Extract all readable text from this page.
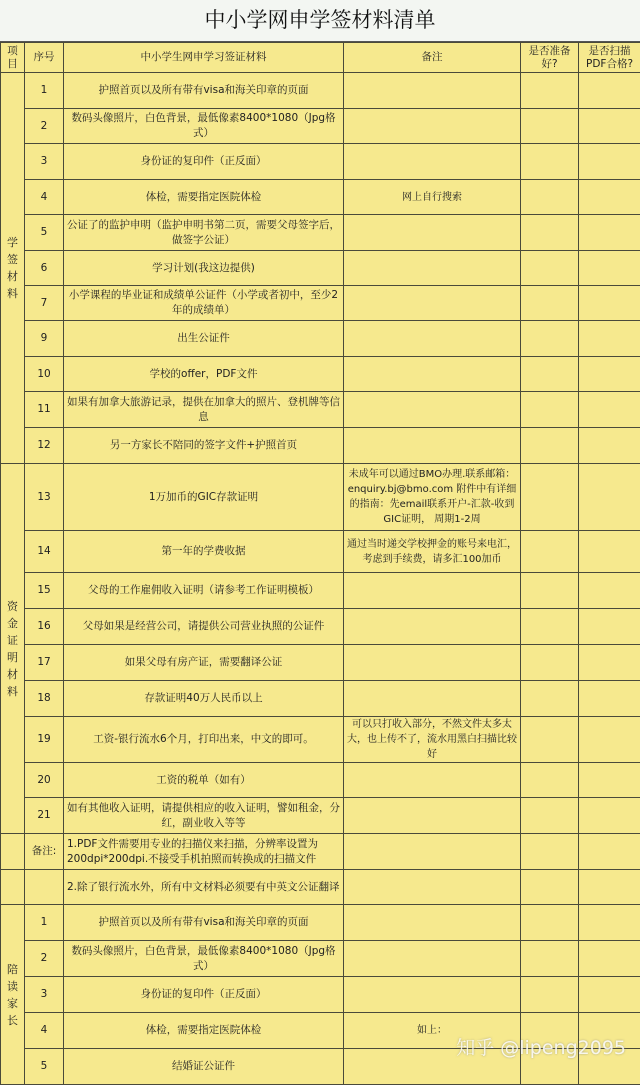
中小学网申学签材料清单
项目	序号	中小学生网申学习签证材料	备注	是否准备好?	是否扫描PDF合格?
学签材料	1	护照首页以及所有带有visa和海关印章的页面			
	2	数码头像照片，白色背景，最低像素8400*1080（Jpg格式）			
	3	身份证的复印件（正反面）			
	4	体检，需要指定医院体检	网上自行搜索		
	5	公证了的监护申明（监护申明书第二页，需要父母签字后，做签字公证）			
	6	学习计划(我这边提供)			
	7	小学课程的毕业证和成绩单公证件（小学或者初中，至少2年的成绩单）			
	9	出生公证件			
	10	学校的offer，PDF文件			
	11	如果有加拿大旅游记录，提供在加拿大的照片、登机牌等信息			
	12	另一方家长不陪同的签字文件+护照首页			
资金证明材料	13	1万加币的GIC存款证明	未成年可以通过BMO办理.联系邮箱：enquiry.bj@bmo.com 附件中有详细的指南：先email联系开户-汇款-收到GIC证明， 周期1-2周		
	14	第一年的学费收据	通过当时递交学校押金的账号来电汇，考虑到手续费，请多汇100加币		
	15	父母的工作雇佣收入证明（请参考工作证明模板）			
	16	父母如果是经营公司，请提供公司营业执照的公证件			
	17	如果父母有房产证，需要翻译公证			
	18	存款证明40万人民币以上			
	19	工资-银行流水6个月，打印出来，中文的即可。	可以只打收入部分，不然文件太多太大，也上传不了，流水用黑白扫描比较好		
	20	工资的税单（如有）			
	21	如有其他收入证明，请提供相应的收入证明，譬如租金，分红，副业收入等等			
	备注:	1.PDF文件需要用专业的扫描仪来扫描，分辨率设置为200dpi*200dpi.不接受手机拍照而转换成的扫描文件			
		2.除了银行流水外，所有中文材料必须要有中英文公证翻译			
陪读家长	1	护照首页以及所有带有visa和海关印章的页面			
	2	数码头像照片，白色背景，最低像素8400*1080（Jpg格式）			
	3	身份证的复印件（正反面）			
	4	体检，需要指定医院体检	如上：		
	5	结婚证公证件			
知乎 @lipeng2095
